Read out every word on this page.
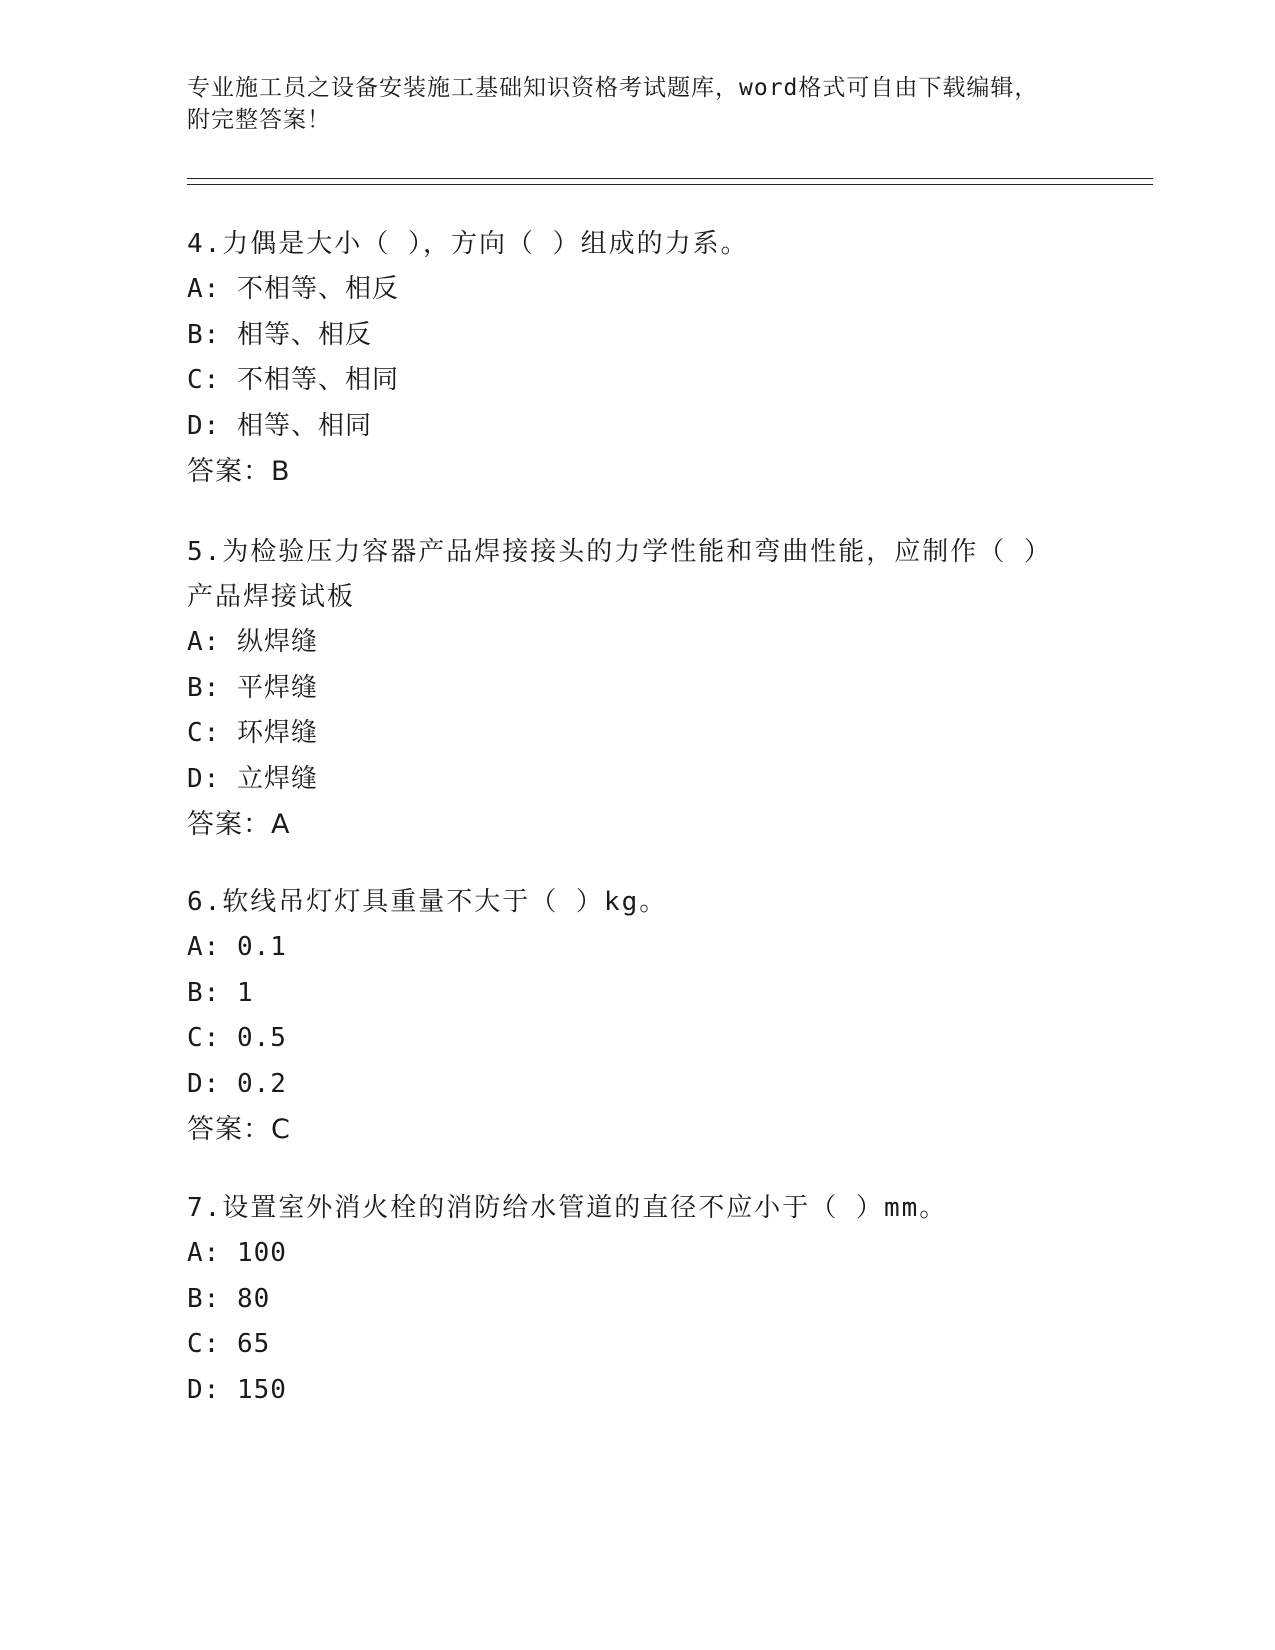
专业施工员之设备安装施工基础知识资格考试题库，word格式可自由下载编辑，
附完整答案！
4.力偶是大小（ ），方向（ ）组成的力系。
A: 不相等、相反
B: 相等、相反
C: 不相等、相同
D: 相等、相同
答案：B
5.为检验压力容器产品焊接接头的力学性能和弯曲性能，应制作（ ）
产品焊接试板
A: 纵焊缝
B: 平焊缝
C: 环焊缝
D: 立焊缝
答案：A
6.软线吊灯灯具重量不大于（ ）kg。
A: 0.1
B: 1
C: 0.5
D: 0.2
答案：C
7.设置室外消火栓的消防给水管道的直径不应小于（ ）mm。
A: 100
B: 80
C: 65
D: 150
